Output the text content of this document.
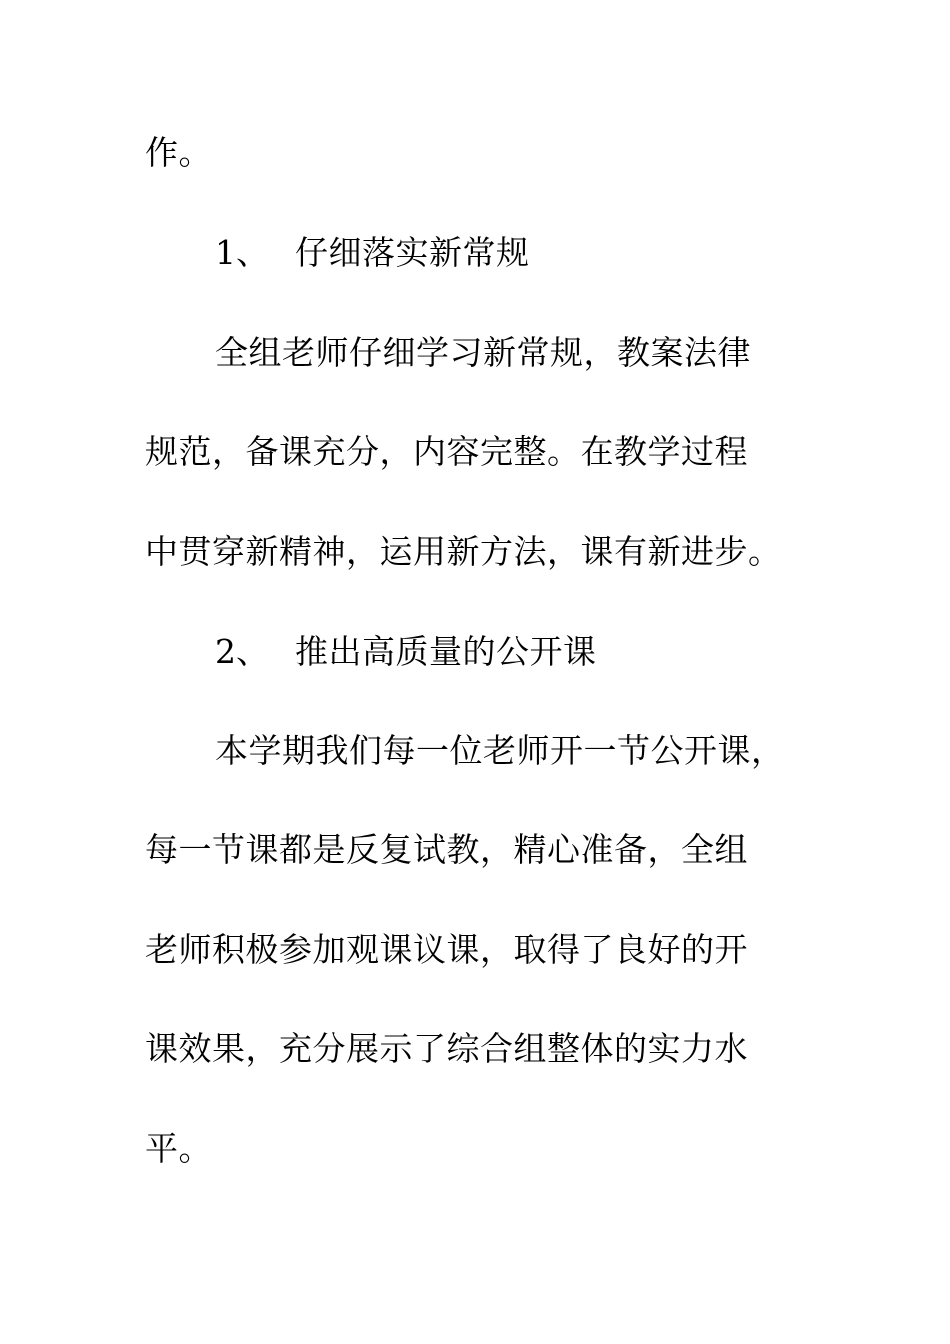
作。

1、 仔细落实新常规

全组老师仔细学习新常规，教案法律

规范，备课充分，内容完整。在教学过程

中贯穿新精神，运用新方法，课有新进步。

2、 推出高质量的公开课

本学期我们每一位老师开一节公开课，

每一节课都是反复试教，精心准备，全组

老师积极参加观课议课，取得了良好的开

课效果，充分展示了综合组整体的实力水

平。
